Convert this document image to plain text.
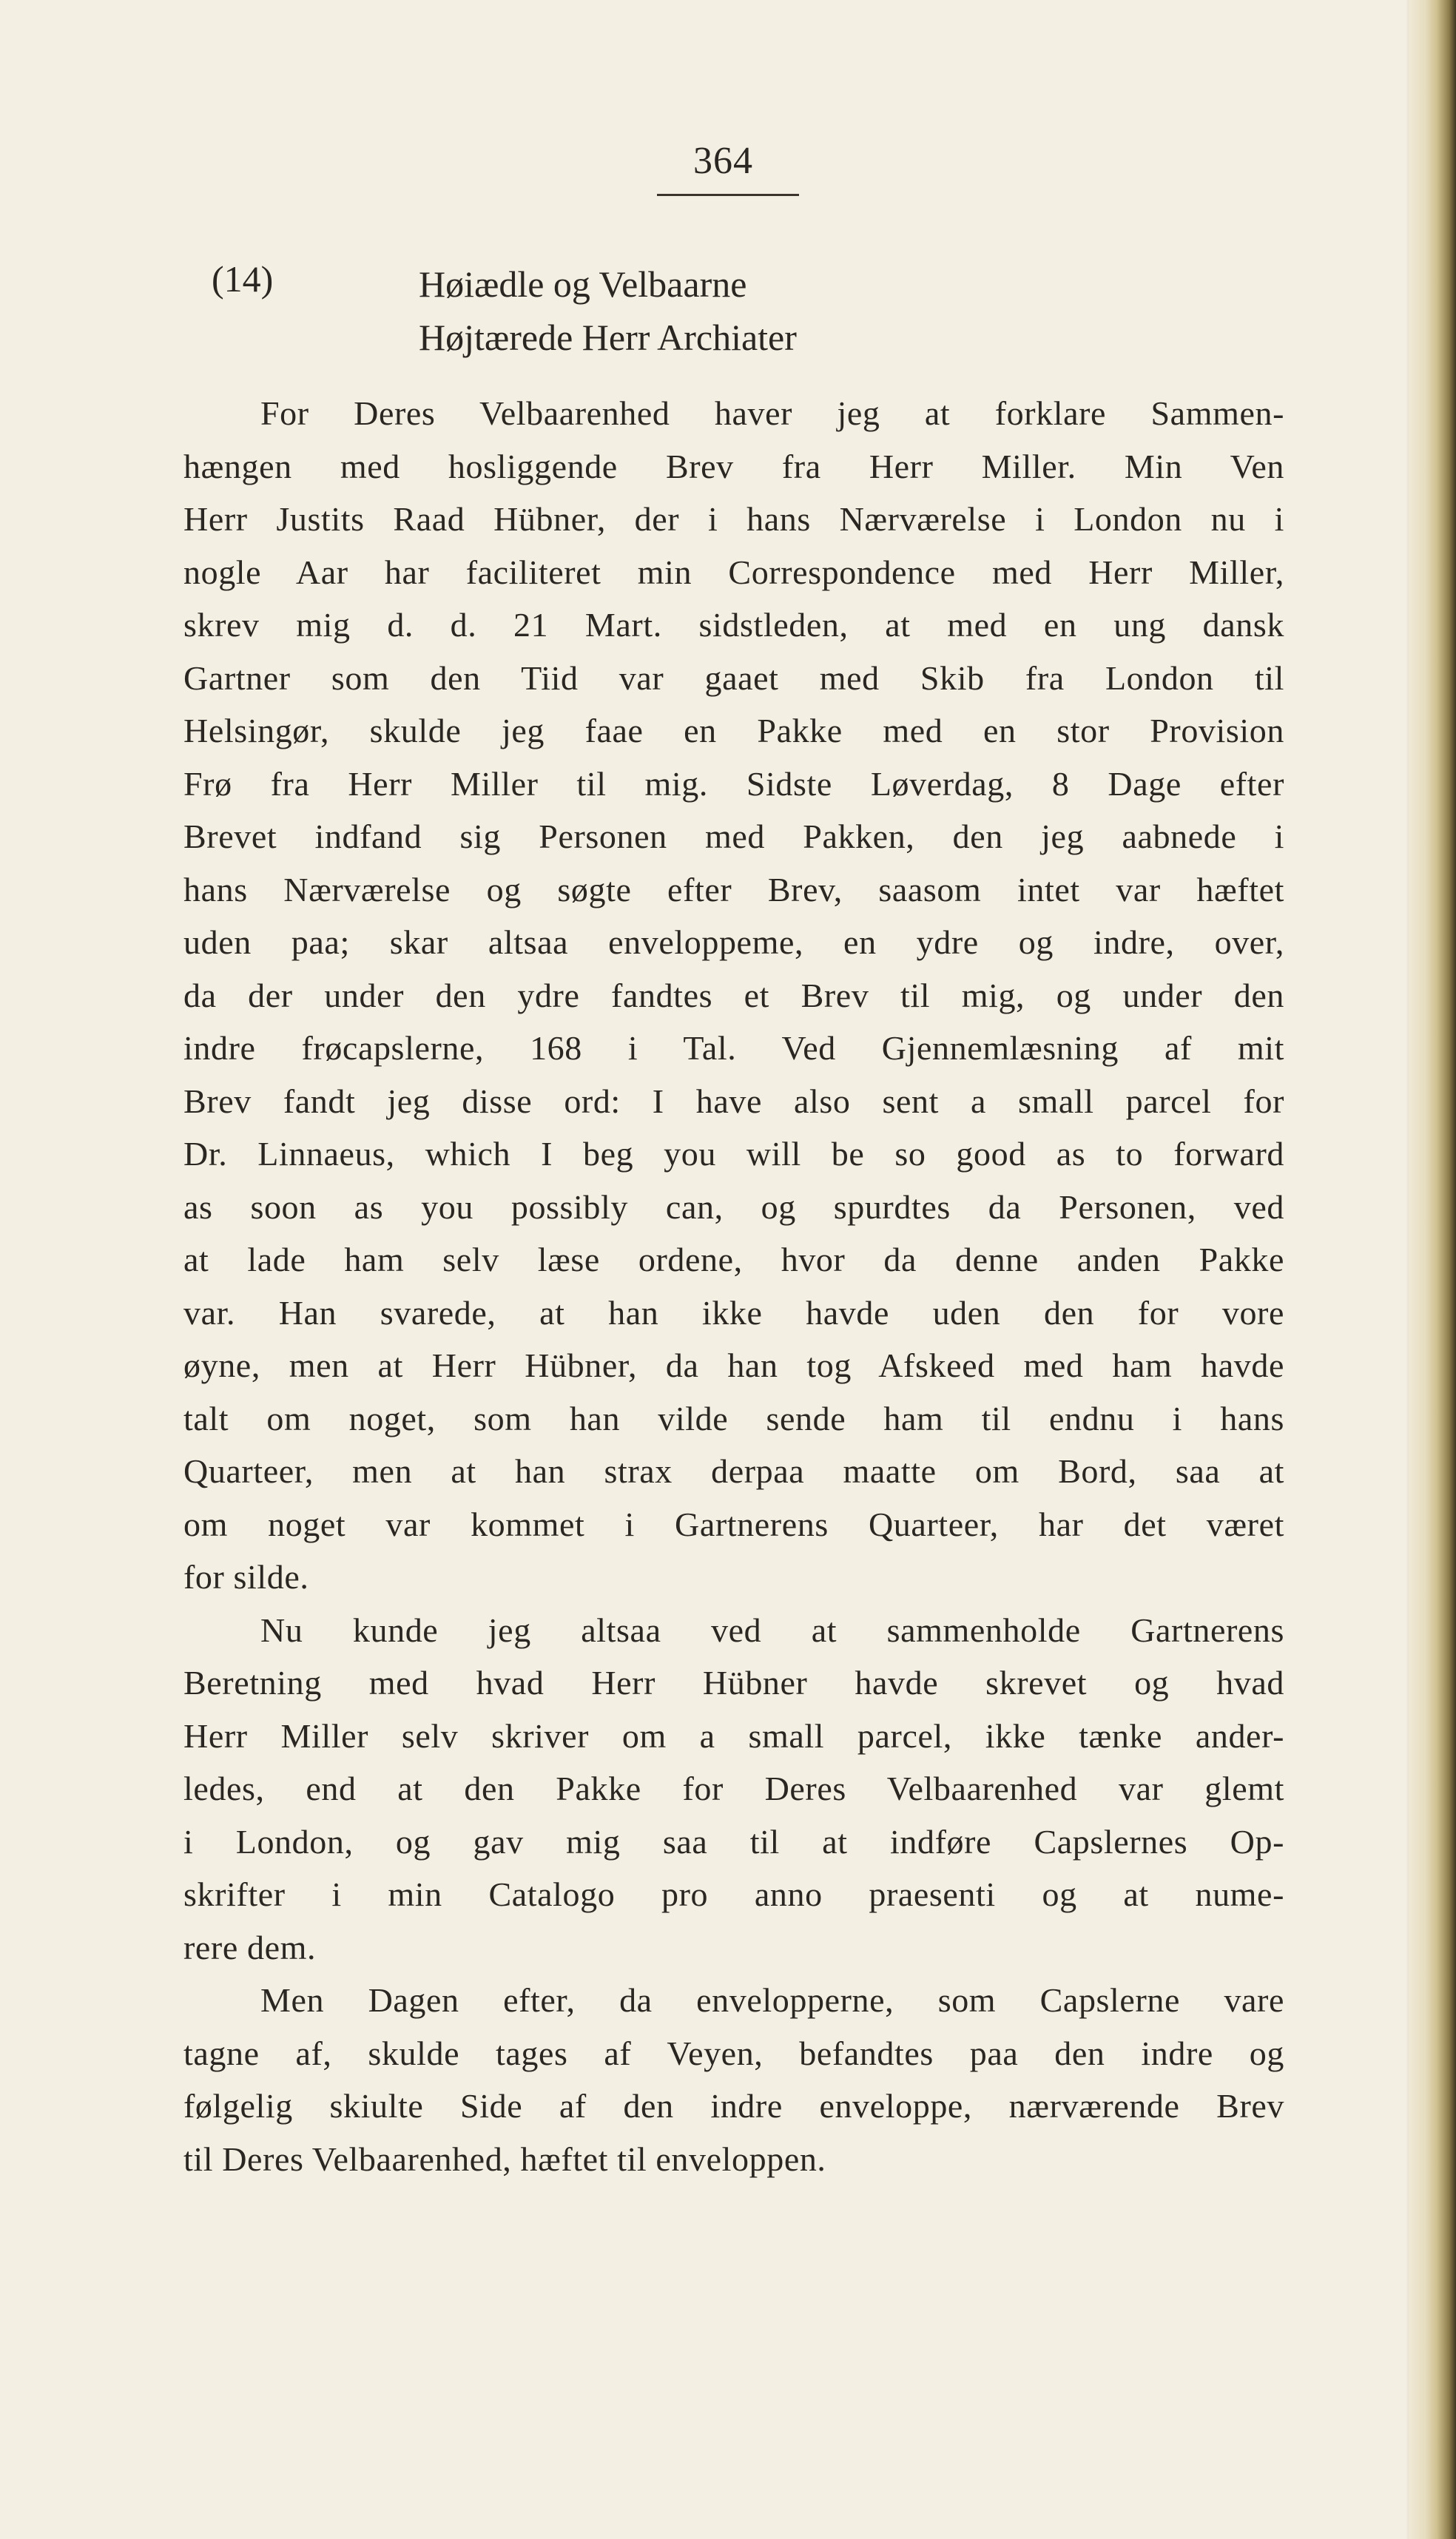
364
(14)	Høiædle og Velbaarne
Højtærede Herr Archiater
For Deres Velbaarenhed haver jeg at forklare Sammen-
hængen med hosliggende Brev fra Herr Miller. Min Ven
Herr Justits Raad Hübner, der i hans Nærværelse i London nu i
nogle Aar har faciliteret min Correspondence med Herr Miller,
skrev mig d. d. 21 Mart. sidstleden, at med en ung dansk
Gartner som den Tiid var gaaet med Skib fra London til
Helsingør, skulde jeg faae en Pakke med en stor Provision
Frø fra Herr Miller til mig. Sidste Løverdag, 8 Dage efter
Brevet indfand sig Personen med Pakken, den jeg aabnede i
hans Nærværelse og søgte efter Brev, saasom intet var hæftet
uden paa; skar altsaa enveloppeme, en ydre og indre, over,
da der under den ydre fandtes et Brev til mig, og under den
indre frøcapslerne, 168 i Tal. Ved Gjennemlæsning af mit
Brev fandt jeg disse ord: I have also sent a small parcel for
Dr. Linnaeus, which I beg you will be so good as to forward
as soon as you possibly can, og spurdtes da Personen, ved
at lade ham selv læse ordene, hvor da denne anden Pakke
var. Han svarede, at han ikke havde uden den for vore
øyne, men at Herr Hübner, da han tog Afskeed med ham havde
talt om noget, som han vilde sende ham til endnu i hans
Quarteer, men at han strax derpaa maatte om Bord, saa at
om noget var kommet i Gartnerens Quarteer, har det været
for silde.
Nu kunde jeg altsaa ved at sammenholde Gartnerens
Beretning med hvad Herr Hübner havde skrevet og hvad
Herr Miller selv skriver om a small parcel, ikke tænke ander-
ledes, end at den Pakke for Deres Velbaarenhed var glemt
i London, og gav mig saa til at indføre Capslernes Op-
skrifter i min Catalogo pro anno praesenti og at nume-
rere dem.
Men Dagen efter, da envelopperne, som Capslerne vare
tagne af, skulde tages af Veyen, befandtes paa den indre og
følgelig skiulte Side af den indre enveloppe, nærværende Brev
til Deres Velbaarenhed, hæftet til enveloppen.
